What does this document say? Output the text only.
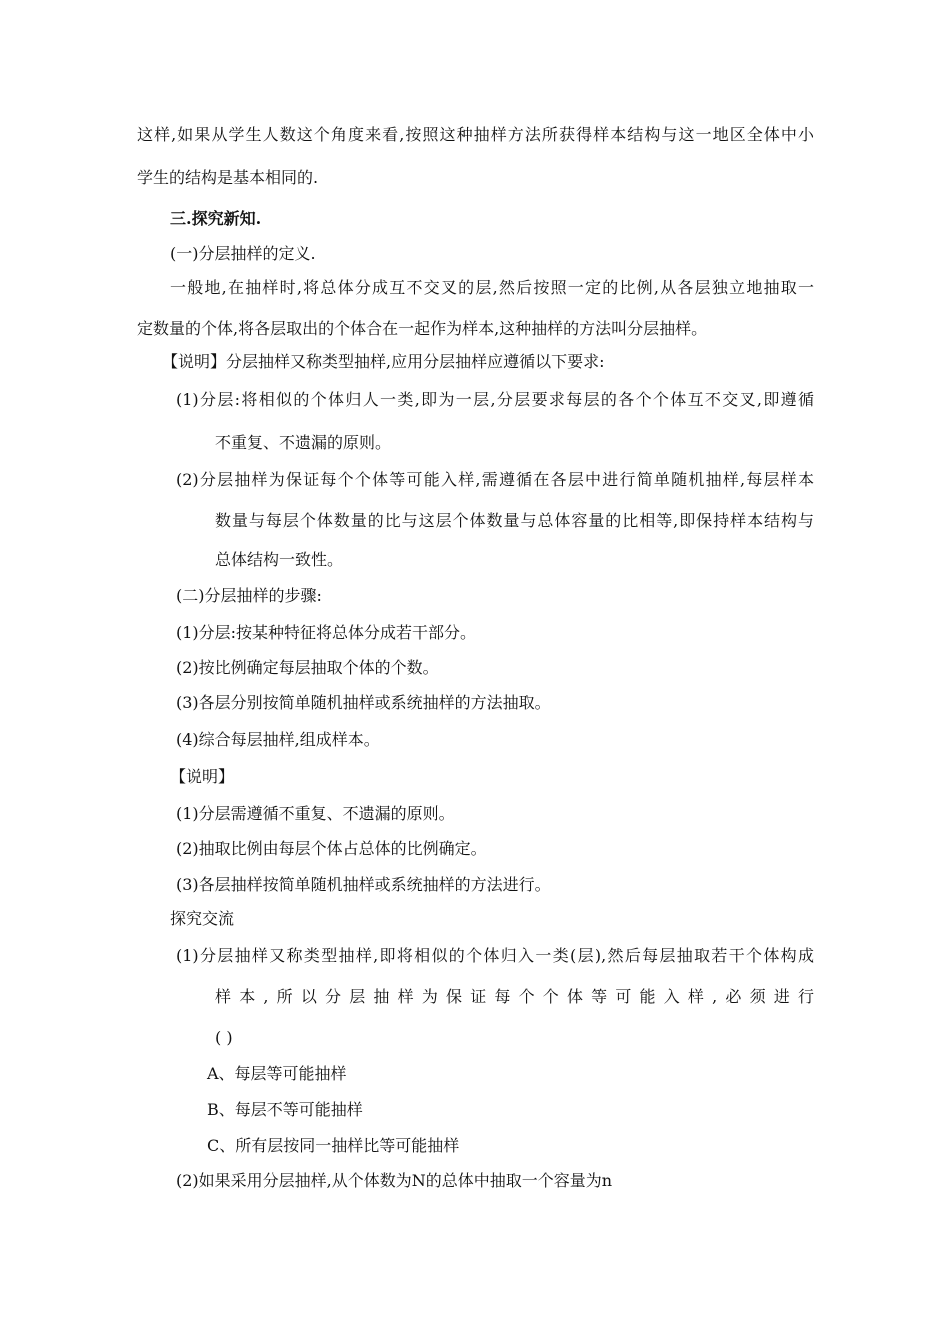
这样,如果从学生人数这个角度来看,按照这种抽样方法所获得样本结构与这一地区全体中小
学生的结构是基本相同的.
三.探究新知.
(一)分层抽样的定义.
一般地,在抽样时,将总体分成互不交叉的层,然后按照一定的比例,从各层独立地抽取一
定数量的个体,将各层取出的个体合在一起作为样本,这种抽样的方法叫分层抽样。
【说明】分层抽样又称类型抽样,应用分层抽样应遵循以下要求:
(1)分层:将相似的个体归人一类,即为一层,分层要求每层的各个个体互不交叉,即遵循
不重复、不遗漏的原则。
(2)分层抽样为保证每个个体等可能入样,需遵循在各层中进行简单随机抽样,每层样本
数量与每层个体数量的比与这层个体数量与总体容量的比相等,即保持样本结构与
总体结构一致性。
(二)分层抽样的步骤:
(1)分层:按某种特征将总体分成若干部分。
(2)按比例确定每层抽取个体的个数。
(3)各层分别按简单随机抽样或系统抽样的方法抽取。
(4)综合每层抽样,组成样本。
【说明】
(1)分层需遵循不重复、不遗漏的原则。
(2)抽取比例由每层个体占总体的比例确定。
(3)各层抽样按简单随机抽样或系统抽样的方法进行。
探究交流
(1)分层抽样又称类型抽样,即将相似的个体归入一类(层),然后每层抽取若干个体构成
样本,所以分层抽样为保证每个个体等可能入样,必须进行
( )
A、每层等可能抽样
B、每层不等可能抽样
C、所有层按同一抽样比等可能抽样
(2)如果采用分层抽样,从个体数为N的总体中抽取一个容量为n
